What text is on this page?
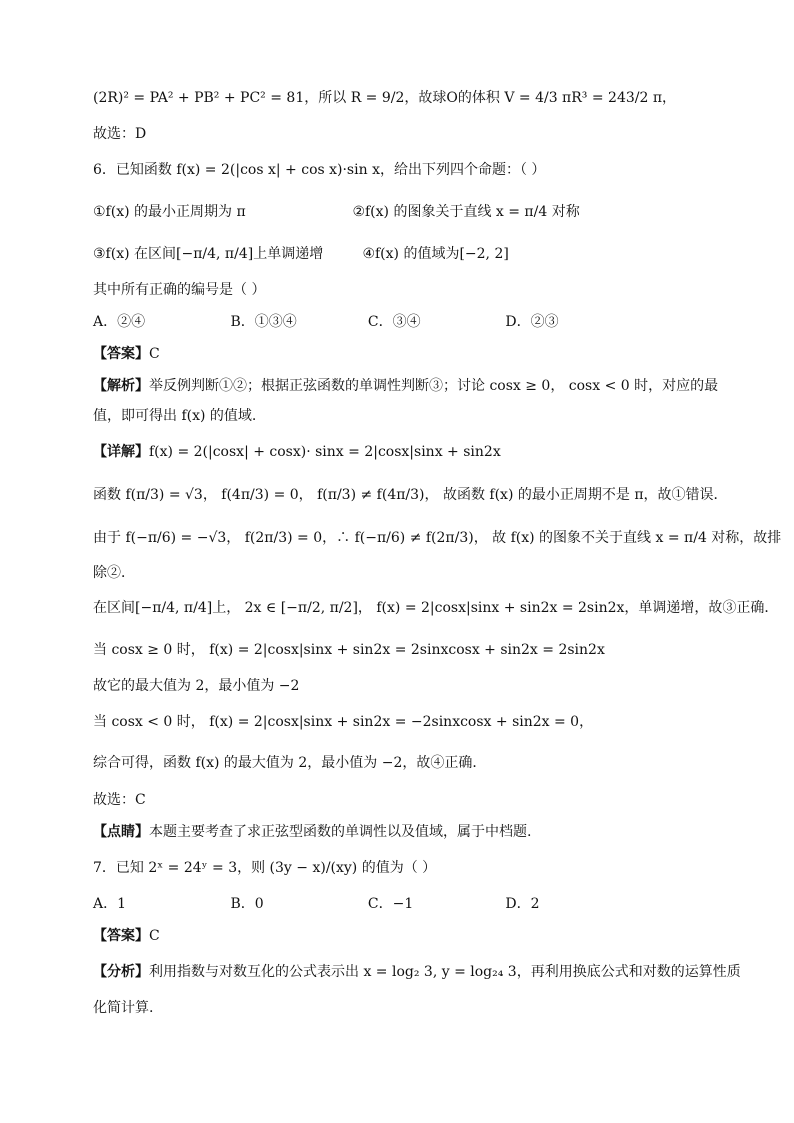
(2R)² = PA² + PB² + PC² = 81，所以 R = 9/2，故球O的体积 V = 4/3 πR³ = 243/2 π，
故选：D
6．已知函数 f(x) = 2(|cos x| + cos x)·sin x，给出下列四个命题：（ ）
①f(x) 的最小正周期为 π	②f(x) 的图象关于直线 x = π/4 对称
③f(x) 在区间[−π/4, π/4]上单调递增	④f(x) 的值域为[−2, 2]
其中所有正确的编号是（ ）
A．②④	B．①③④	C．③④	D．②③
【答案】C
【解析】举反例判断①②；根据正弦函数的单调性判断③；讨论 cosx ≥ 0， cosx < 0 时，对应的最
值，即可得出 f(x) 的值域.
【详解】f(x) = 2(|cosx| + cosx)· sinx = 2|cosx|sinx + sin2x
函数 f(π/3) = √3， f(4π/3) = 0， f(π/3) ≠ f(4π/3)， 故函数 f(x) 的最小正周期不是 π，故①错误．
由于 f(−π/6) = −√3， f(2π/3) = 0，∴ f(−π/6) ≠ f(2π/3)， 故 f(x) 的图象不关于直线 x = π/4 对称，故排
除②．
在区间[−π/4, π/4]上， 2x ∈ [−π/2, π/2]， f(x) = 2|cosx|sinx + sin2x = 2sin2x，单调递增，故③正确．
当 cosx ≥ 0 时， f(x) = 2|cosx|sinx + sin2x = 2sinxcosx + sin2x = 2sin2x
故它的最大值为 2，最小值为 −2
当 cosx < 0 时， f(x) = 2|cosx|sinx + sin2x = −2sinxcosx + sin2x = 0，
综合可得，函数 f(x) 的最大值为 2，最小值为 −2，故④正确．
故选：C
【点睛】本题主要考查了求正弦型函数的单调性以及值域，属于中档题.
7．已知 2ˣ = 24ʸ = 3，则 (3y − x)/(xy) 的值为（ ）
A．1	B．0	C．−1	D．2
【答案】C
【分析】利用指数与对数互化的公式表示出 x = log₂ 3, y = log₂₄ 3，再利用换底公式和对数的运算性质
化简计算.
